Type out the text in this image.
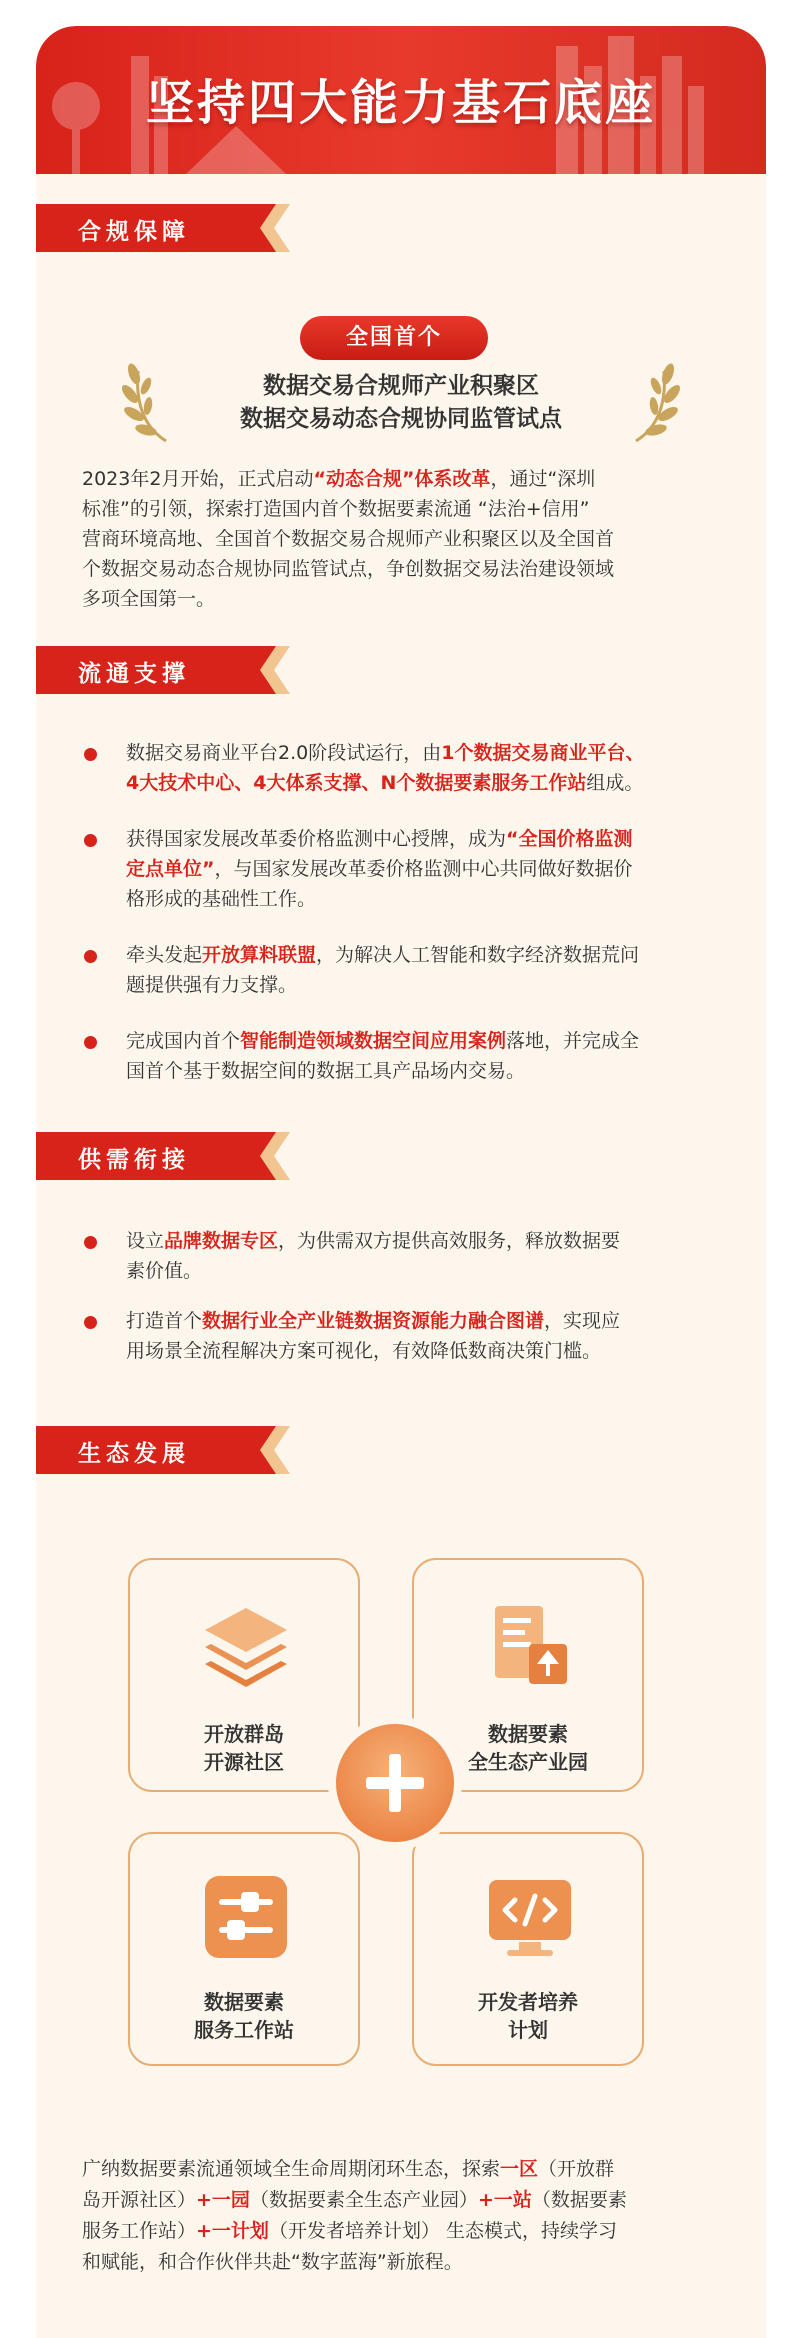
坚持四大能力基石底座
合规保障
全国首个
数据交易合规师产业积聚区
数据交易动态合规协同监管试点
2023年2月开始，正式启动“动态合规”体系改革，通过“深圳
标准”的引领，探索打造国内首个数据要素流通 “法治+信用”
营商环境高地、全国首个数据交易合规师产业积聚区以及全国首
个数据交易动态合规协同监管试点，争创数据交易法治建设领域
多项全国第一。
流通支撑
数据交易商业平台2.0阶段试运行，由1个数据交易商业平台、
4大技术中心、4大体系支撑、N个数据要素服务工作站组成。
获得国家发展改革委价格监测中心授牌，成为“全国价格监测
定点单位”，与国家发展改革委价格监测中心共同做好数据价
格形成的基础性工作。
牵头发起开放算料联盟，为解决人工智能和数字经济数据荒问
题提供强有力支撑。
完成国内首个智能制造领域数据空间应用案例落地，并完成全
国首个基于数据空间的数据工具产品场内交易。
供需衔接
设立品牌数据专区，为供需双方提供高效服务，释放数据要
素价值。
打造首个数据行业全产业链数据资源能力融合图谱，实现应
用场景全流程解决方案可视化，有效降低数商决策门槛。
生态发展
开放群岛
开源社区
数据要素
全生态产业园
数据要素
服务工作站
开发者培养
计划
广纳数据要素流通领域全生命周期闭环生态，探索一区（开放群
岛开源社区）+一园（数据要素全生态产业园）+一站（数据要素
服务工作站）+一计划（开发者培养计划） 生态模式，持续学习
和赋能，和合作伙伴共赴“数字蓝海”新旅程。
